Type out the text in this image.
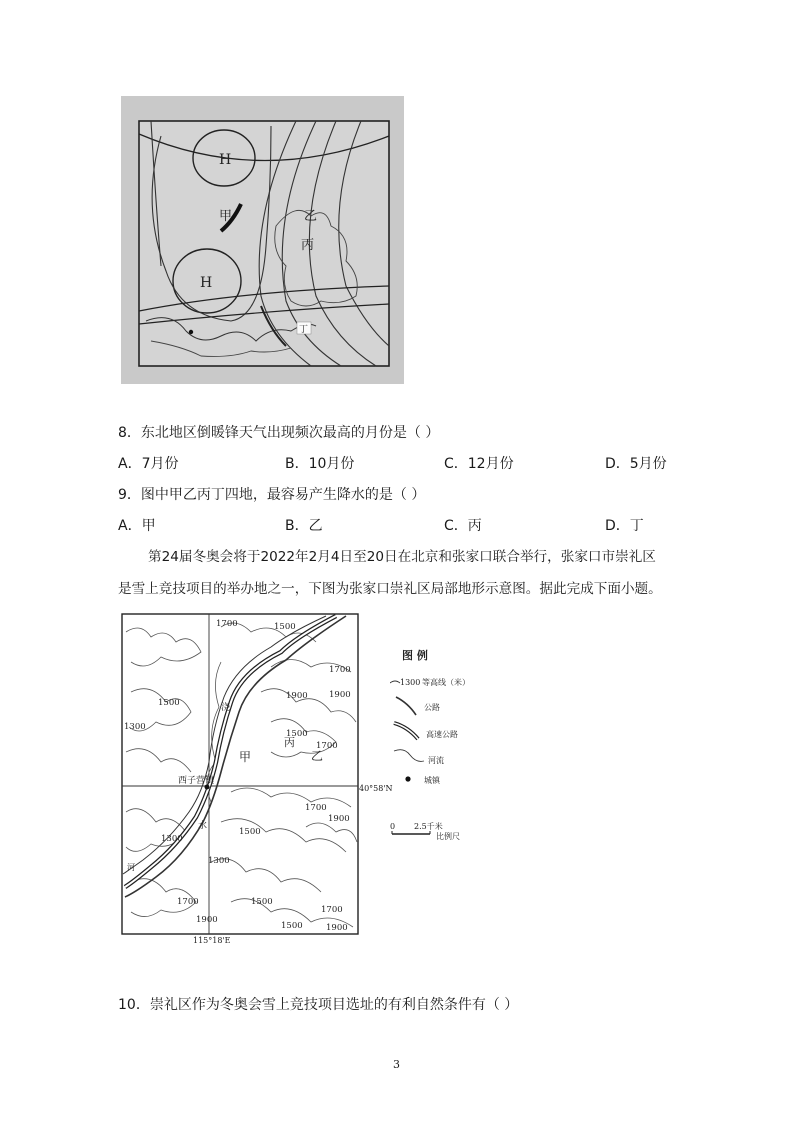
H
H
甲	乙
丙
丁
8．东北地区倒暖锋天气出现频次最高的月份是（ ）
A．7月份	B．10月份	C．12月份	D．5月份
9．图中甲乙丙丁四地，最容易产生降水的是（ ）
A．甲	B．乙	C．丙	D．丁
第24届冬奥会将于2022年2月4日至20日在北京和张家口联合举行，张家口市崇礼区
是雪上竞技项目的举办地之一，下图为张家口崇礼区局部地形示意图。据此完成下面小题。
1700	1500
1700
1900
1500
1300
1500
1700
1900
1700
1300
1500
1900
1300
1700	1500
1700
1900
1500	1900
西子营镇
甲	乙
丙
浇
水
河
115°18'E
40°58'N
图 例
1300 等高线（米）
公路
高速公路
河流
城镇
0 2.5千米
比例尺
10．崇礼区作为冬奥会雪上竞技项目选址的有利自然条件有（ ）
3
